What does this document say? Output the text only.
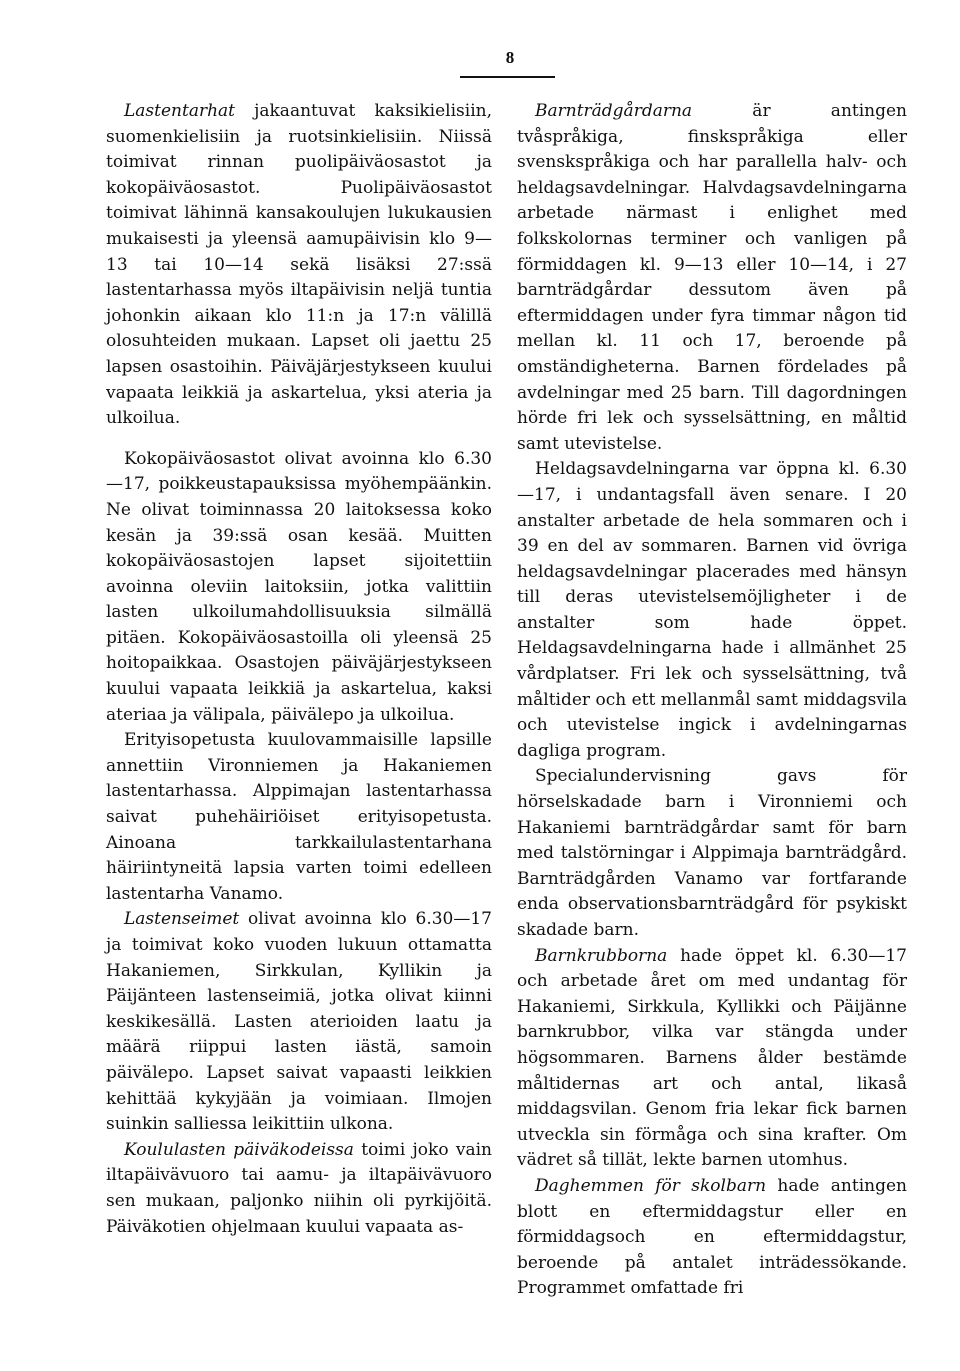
8

Lastentarhat jakaantuvat kaksikielisiin, suomenkielisiin ja ruotsinkielisiin. Niissä toimivat rinnan puolipäiväosastot ja kokopäiväosastot. Puolipäiväosastot toimivat lähinnä kansakoulujen lukukausien mukaisesti ja yleensä aamupäivisin klo 9—13 tai 10—14 sekä lisäksi 27:ssä lastentarhassa myös iltapäivisin neljä tuntia johonkin aikaan klo 11:n ja 17:n välillä olosuhteiden mukaan. Lapset oli jaettu 25 lapsen osastoihin. Päiväjärjestykseen kuului vapaata leikkiä ja askartelua, yksi ateria ja ulkoilua.

Kokopäiväosastot olivat avoinna klo 6.30—17, poikkeustapauksissa myöhempäänkin. Ne olivat toiminnassa 20 laitoksessa koko kesän ja 39:ssä osan kesää. Muitten kokopäiväosastojen lapset sijoitettiin avoinna oleviin laitoksiin, jotka valittiin lasten ulkoilumahdollisuuksia silmällä pitäen. Kokopäiväosastoilla oli yleensä 25 hoitopaikkaa. Osastojen päiväjärjestykseen kuului vapaata leikkiä ja askartelua, kaksi ateriaa ja välipala, päivälepo ja ulkoilua.

Erityisopetusta kuulovammaisille lapsille annettiin Vironniemen ja Hakaniemen lastentarhassa. Alppimajan lastentarhassa saivat puhehäiriöiset erityisopetusta. Ainoana tarkkailulastentarhana häiriintyneitä lapsia varten toimi edelleen lastentarha Vanamo.

Lastenseimet olivat avoinna klo 6.30—17 ja toimivat koko vuoden lukuun ottamatta Hakaniemen, Sirkkulan, Kyllikin ja Päijänteen lastenseimiä, jotka olivat kiinni keskikesällä. Lasten aterioiden laatu ja määrä riippui lasten iästä, samoin päivälepo. Lapset saivat vapaasti leikkien kehittää kykyjään ja voimiaan. Ilmojen suinkin salliessa leikittiin ulkona.

Koululasten päiväkodeissa toimi joko vain iltapäivävuoro tai aamu- ja iltapäivävuoro sen mukaan, paljonko niihin oli pyrkijöitä. Päiväkotien ohjelmaan kuului vapaata as-

Barnträdgårdarna är antingen tvåspråkiga, finskspråkiga eller svenskspråkiga och har parallella halv- och heldagsavdelningar. Halvdagsavdelningarna arbetade närmast i enlighet med folkskolornas terminer och vanligen på förmiddagen kl. 9—13 eller 10—14, i 27 barnträdgårdar dessutom även på eftermiddagen under fyra timmar någon tid mellan kl. 11 och 17, beroende på omständigheterna. Barnen fördelades på avdelningar med 25 barn. Till dagordningen hörde fri lek och sysselsättning, en måltid samt utevistelse.

Heldagsavdelningarna var öppna kl. 6.30—17, i undantagsfall även senare. I 20 anstalter arbetade de hela sommaren och i 39 en del av sommaren. Barnen vid övriga heldagsavdelningar placerades med hänsyn till deras utevistelsemöjligheter i de anstalter som hade öppet. Heldagsavdelningarna hade i allmänhet 25 vårdplatser. Fri lek och sysselsättning, två måltider och ett mellanmål samt middagsvila och utevistelse ingick i avdelningarnas dagliga program.

Specialundervisning gavs för hörselskadade barn i Vironniemi och Hakaniemi barnträdgårdar samt för barn med talstörningar i Alppimaja barnträdgård. Barnträdgården Vanamo var fortfarande enda observationsbarnträdgård för psykiskt skadade barn.

Barnkrubborna hade öppet kl. 6.30—17 och arbetade året om med undantag för Hakaniemi, Sirkkula, Kyllikki och Päijänne barnkrubbor, vilka var stängda under högsommaren. Barnens ålder bestämde måltidernas art och antal, likaså middagsvilan. Genom fria lekar fick barnen utveckla sin förmåga och sina krafter. Om vädret så tillät, lekte barnen utomhus.

Daghemmen för skolbarn hade antingen blott en eftermiddagstur eller en förmiddagsoch en eftermiddagstur, beroende på antalet inträdessökande. Programmet omfattade fri
